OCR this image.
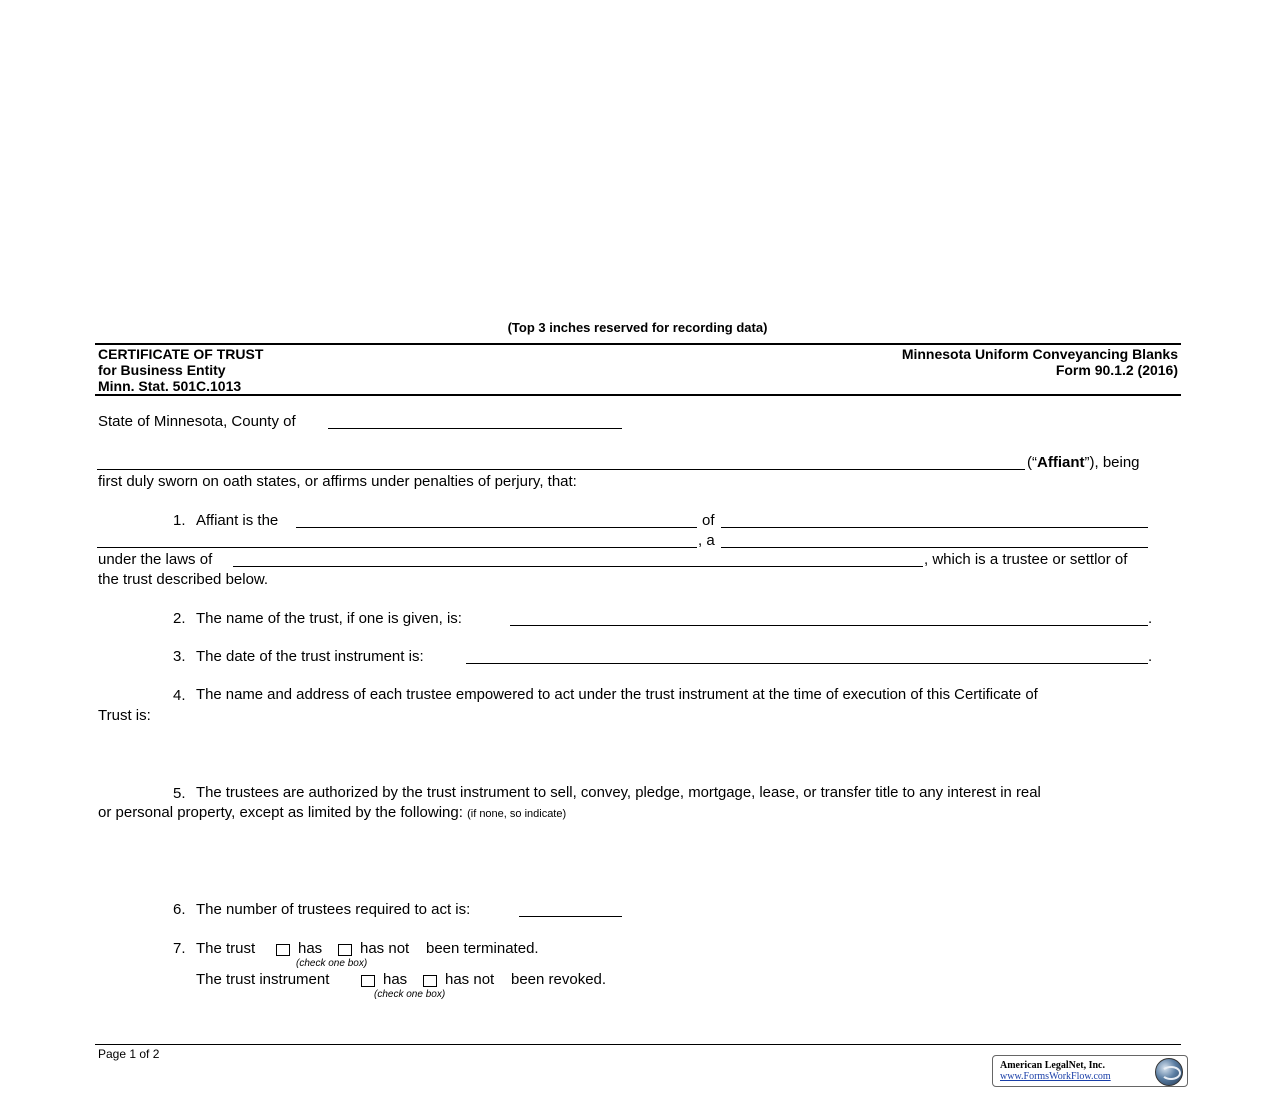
(Top 3 inches reserved for recording data)
CERTIFICATE OF TRUST
for Business Entity
Minn. Stat. 501C.1013
Minnesota Uniform Conveyancing Blanks
Form 90.1.2 (2016)
State of Minnesota, County of
(“Affiant”), being
first duly sworn on oath states, or affirms under penalties of perjury, that:
1. Affiant is the	of
, a
under the laws of	, which is a trustee or settlor of
the trust described below.
2. The name of the trust, if one is given, is:	.
3. The date of the trust instrument is:	.
4. The name and address of each trustee empowered to act under the trust instrument at the time of execution of this Certificate of
Trust is:
5. The trustees are authorized by the trust instrument to sell, convey, pledge, mortgage, lease, or transfer title to any interest in real
or personal property, except as limited by the following: (if none, so indicate)
6. The number of trustees required to act is:
7. The trust	has	has not been terminated.
(check one box)
The trust instrument	has	has not been revoked.
(check one box)
Page 1 of 2
American LegalNet, Inc.
www.FormsWorkFlow.com
